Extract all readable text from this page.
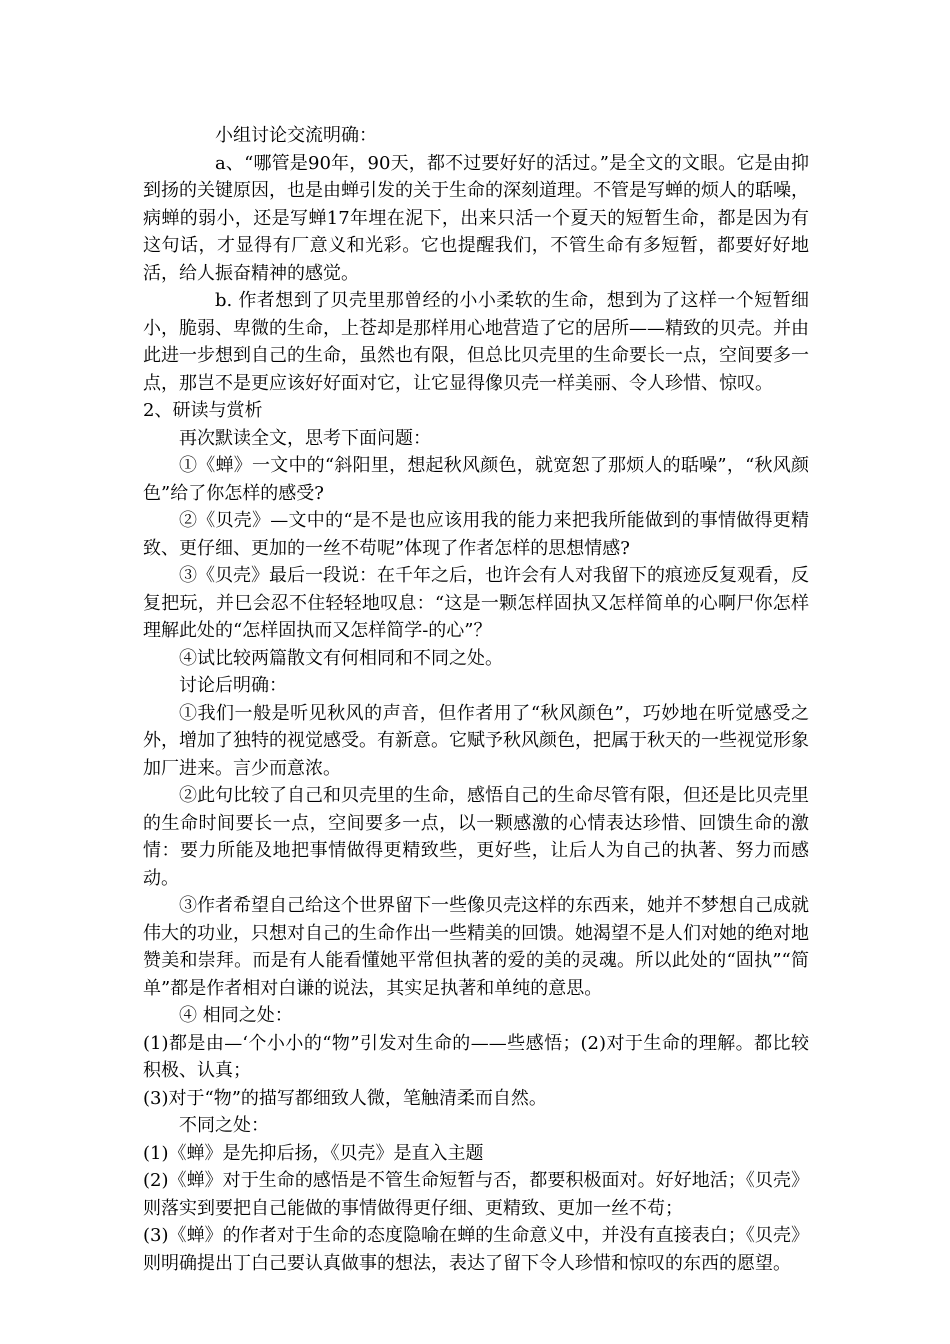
小组讨论交流明确：

a、“哪管是90年，90天，都不过要好好的活过。”是全文的文眼。它是由抑到扬的关键原因，也是由蝉引发的关于生命的深刻道理。不管是写蝉的烦人的聒噪，病蝉的弱小，还是写蝉17年埋在泥下，出来只活一个夏天的短暂生命，都是因为有这句话，才显得有厂意义和光彩。它也提醒我们，不管生命有多短暂，都要好好地活，给人振奋精神的感觉。

b. 作者想到了贝壳里那曾经的小小柔软的生命，想到为了这样一个短暂细小，脆弱、卑微的生命，上苍却是那样用心地营造了它的居所——精致的贝壳。并由此进一步想到自己的生命，虽然也有限，但总比贝壳里的生命要长一点，空间要多一点，那岂不是更应该好好面对它，让它显得像贝壳一样美丽、令人珍惜、惊叹。

2、研读与赏析

再次默读全文，思考下面问题：

①《蝉》一文中的“斜阳里，想起秋风颜色，就宽恕了那烦人的聒噪”，“秋风颜色”给了你怎样的感受?

②《贝壳》—文中的“是不是也应该用我的能力来把我所能做到的事情做得更精致、更仔细、更加的一丝不苟呢”体现了作者怎样的思想情感?

③《贝壳》最后一段说：在千年之后，也许会有人对我留下的痕迹反复观看，反复把玩，并巳会忍不住轻轻地叹息：“这是一颗怎样固执又怎样简单的心啊尸你怎样理解此处的“怎样固执而又怎样简学-的心”？

④试比较两篇散文有何相同和不同之处。

讨论后明确：

①我们一般是听见秋风的声音，但作者用了“秋风颜色”，巧妙地在听觉感受之外，增加了独特的视觉感受。有新意。它赋予秋风颜色，把属于秋天的一些视觉形象加厂进来。言少而意浓。

②此句比较了自己和贝壳里的生命，感悟自己的生命尽管有限，但还是比贝壳里的生命时间要长一点，空间要多一点，以一颗感激的心情表达珍惜、回馈生命的激情：要力所能及地把事情做得更精致些，更好些，让后人为自己的执著、努力而感动。

③作者希望自己给这个世界留下一些像贝壳这样的东西来，她并不梦想自己成就伟大的功业，只想对自己的生命作出一些精美的回馈。她渴望不是人们对她的绝对地赞美和崇拜。而是有人能看懂她平常但执著的爱的美的灵魂。所以此处的“固执”“简单”都是作者相对白谦的说法，其实足执著和单纯的意思。

④ 相同之处：

(1)都是由—‘个小小的“物”引发对生命的——些感悟；(2)对于生命的理解。都比较积极、认真；

(3)对于“物”的描写都细致人微，笔触清柔而自然。

不同之处：

(1)《蝉》是先抑后扬，《贝壳》是直入主题

(2)《蝉》对于生命的感悟是不管生命短暂与否，都要积极面对。好好地活；《贝壳》则落实到要把自己能做的事情做得更仔细、更精致、更加一丝不苟；

(3)《蝉》的作者对于生命的态度隐喻在蝉的生命意义中，并没有直接表白；《贝壳》则明确提出丁白己要认真做事的想法，表达了留下令人珍惜和惊叹的东西的愿望。
